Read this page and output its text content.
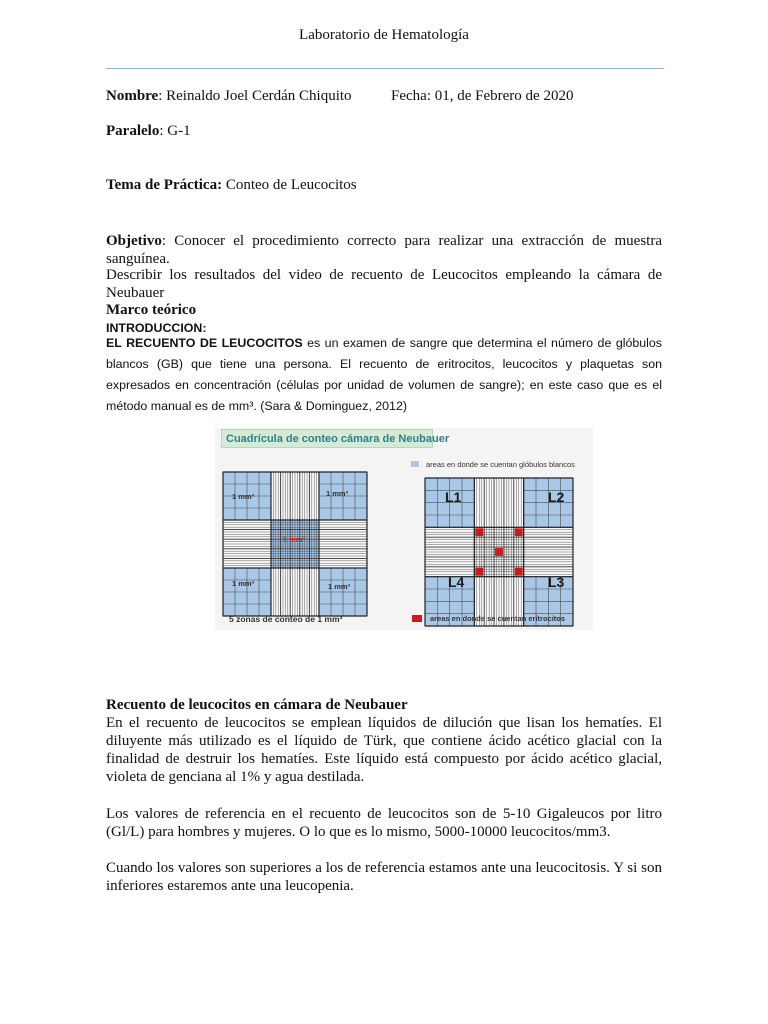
Laboratorio de Hematología
Nombre: Reinaldo Joel Cerdán Chiquito	Fecha: 01, de Febrero de 2020
Paralelo: G-1
Tema de Práctica: Conteo de Leucocitos
Objetivo: Conocer el procedimiento correcto para realizar una extracción de muestra sanguínea.
Describir los resultados del video de recuento de Leucocitos empleando la cámara de Neubauer
Marco teórico
INTRODUCCION:
EL RECUENTO DE LEUCOCITOS es un examen de sangre que determina el número de glóbulos blancos (GB) que tiene una persona. El recuento de eritrocitos, leucocitos y plaquetas son expresados en concentración (células por unidad de volumen de sangre); en este caso que es el método manual es de mm³. (Sara & Dominguez, 2012)
Cuadrícula de conteo cámara de Neubauer
1 mm³	1 mm³
1 mm³
1 mm³	1 mm³
5 zonas de conteo de 1 mm³
areas en donde se cuentan glóbulos blancos
areas en donde se cuentan eritrocitos
L1	L2
L4	L3
Recuento de leucocitos en cámara de Neubauer
En el recuento de leucocitos se emplean líquidos de dilución que lisan los hematíes. El diluyente más utilizado es el líquido de Türk, que contiene ácido acético glacial con la finalidad de destruir los hematíes. Este líquido está compuesto por ácido acético glacial, violeta de genciana al 1% y agua destilada.
Los valores de referencia en el recuento de leucocitos son de 5-10 Gigaleucos por litro (Gl/L) para hombres y mujeres. O lo que es lo mismo, 5000-10000 leucocitos/mm3.
Cuando los valores son superiores a los de referencia estamos ante una leucocitosis. Y si son inferiores estaremos ante una leucopenia.
